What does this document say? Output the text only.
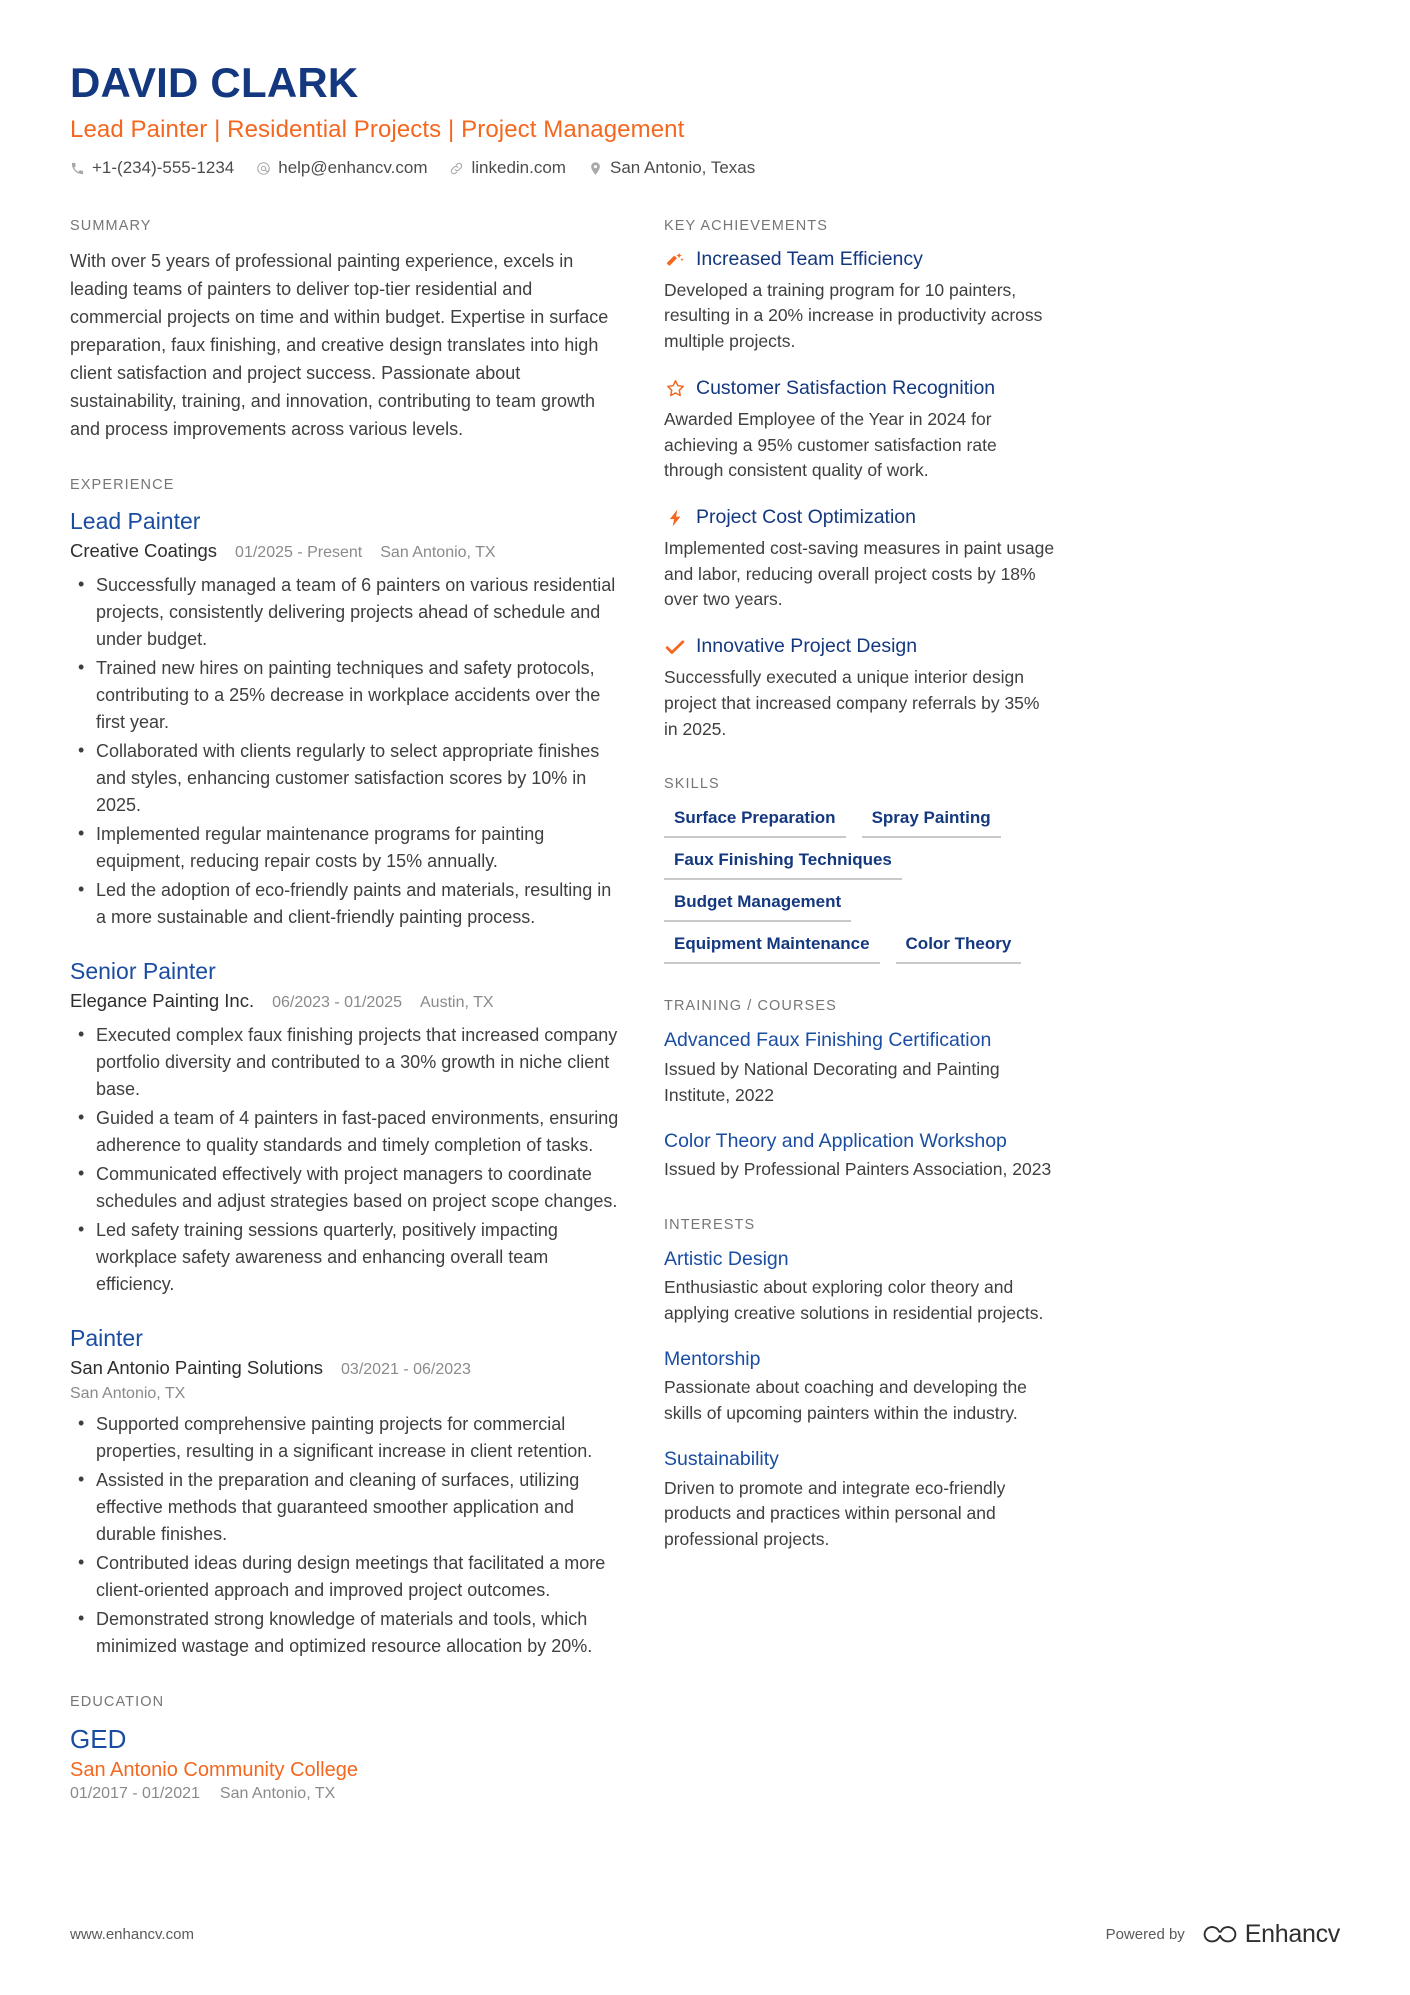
DAVID CLARK
Lead Painter | Residential Projects | Project Management
+1-(234)-555-1234	help@enhancv.com	linkedin.com	San Antonio, Texas
SUMMARY

With over 5 years of professional painting experience, excels in leading teams of painters to deliver top-tier residential and commercial projects on time and within budget. Expertise in surface preparation, faux finishing, and creative design translates into high client satisfaction and project success. Passionate about sustainability, training, and innovation, contributing to team growth and process improvements across various levels.

EXPERIENCE
Lead Painter
Creative Coatings 01/2025 - Present San Antonio, TX
• Successfully managed a team of 6 painters on various residential projects, consistently delivering projects ahead of schedule and under budget.
• Trained new hires on painting techniques and safety protocols, contributing to a 25% decrease in workplace accidents over the first year.
• Collaborated with clients regularly to select appropriate finishes and styles, enhancing customer satisfaction scores by 10% in 2025.
• Implemented regular maintenance programs for painting equipment, reducing repair costs by 15% annually.
• Led the adoption of eco-friendly paints and materials, resulting in a more sustainable and client-friendly painting process.
Senior Painter
Elegance Painting Inc. 06/2023 - 01/2025 Austin, TX
• Executed complex faux finishing projects that increased company portfolio diversity and contributed to a 30% growth in niche client base.
• Guided a team of 4 painters in fast-paced environments, ensuring adherence to quality standards and timely completion of tasks.
• Communicated effectively with project managers to coordinate schedules and adjust strategies based on project scope changes.
• Led safety training sessions quarterly, positively impacting workplace safety awareness and enhancing overall team efficiency.
Painter
San Antonio Painting Solutions 03/2021 - 06/2023
San Antonio, TX
• Supported comprehensive painting projects for commercial properties, resulting in a significant increase in client retention.
• Assisted in the preparation and cleaning of surfaces, utilizing effective methods that guaranteed smoother application and durable finishes.
• Contributed ideas during design meetings that facilitated a more client-oriented approach and improved project outcomes.
• Demonstrated strong knowledge of materials and tools, which minimized wastage and optimized resource allocation by 20%.
EDUCATION
GED
San Antonio Community College
01/2017 - 01/2021 San Antonio, TX
KEY ACHIEVEMENTS
Increased Team Efficiency
Developed a training program for 10 painters, resulting in a 20% increase in productivity across multiple projects.
Customer Satisfaction Recognition
Awarded Employee of the Year in 2024 for achieving a 95% customer satisfaction rate through consistent quality of work.
Project Cost Optimization
Implemented cost-saving measures in paint usage and labor, reducing overall project costs by 18% over two years.
Innovative Project Design
Successfully executed a unique interior design project that increased company referrals by 35% in 2025.
SKILLS
Surface Preparation	Spray Painting
Faux Finishing Techniques
Budget Management
Equipment Maintenance	Color Theory
TRAINING / COURSES
Advanced Faux Finishing Certification
Issued by National Decorating and Painting Institute, 2022
Color Theory and Application Workshop
Issued by Professional Painters Association, 2023
INTERESTS
Artistic Design
Enthusiastic about exploring color theory and applying creative solutions in residential projects.
Mentorship
Passionate about coaching and developing the skills of upcoming painters within the industry.
Sustainability
Driven to promote and integrate eco-friendly products and practices within personal and professional projects.
www.enhancv.com	Powered by Enhancv
